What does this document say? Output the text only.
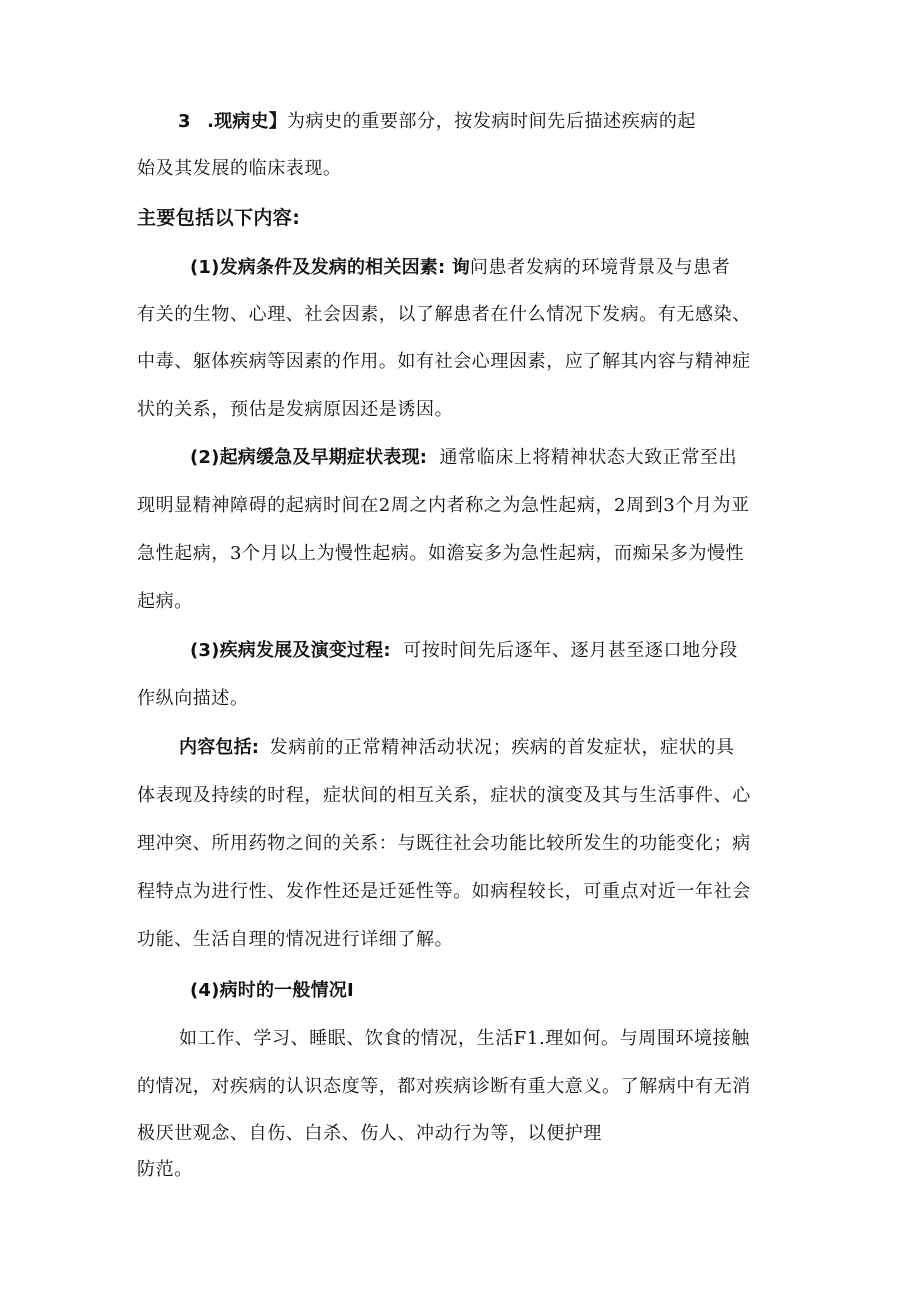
3 .现病史】为病史的重要部分，按发病时间先后描述疾病的起
始及其发展的临床表现。
主要包括以下内容:
(1)发病条件及发病的相关因素: 询问患者发病的环境背景及与患者
有关的生物、心理、社会因素，以了解患者在什么情况下发病。有无感染、
中毒、躯体疾病等因素的作用。如有社会心理因素，应了解其内容与精神症
状的关系，预估是发病原因还是诱因。
(2)起病缓急及早期症状表现: 通常临床上将精神状态大致正常至出
现明显精神障碍的起病时间在2周之内者称之为急性起病，2周到3个月为亚
急性起病，3个月以上为慢性起病。如澹妄多为急性起病，而痴呆多为慢性
起病。
(3)疾病发展及演变过程: 可按时间先后逐年、逐月甚至逐口地分段
作纵向描述。
内容包括: 发病前的正常精神活动状况；疾病的首发症状，症状的具
体表现及持续的时程，症状间的相互关系，症状的演变及其与生活事件、心
理冲突、所用药物之间的关系：与既往社会功能比较所发生的功能变化；病
程特点为进行性、发作性还是迁延性等。如病程较长，可重点对近一年社会
功能、生活自理的情况进行详细了解。
(4)病时的一般情况I
如工作、学习、睡眠、饮食的情况，生活F1.理如何。与周围环境接触
的情况，对疾病的认识态度等，都对疾病诊断有重大意义。了解病中有无消
极厌世观念、自伤、白杀、伤人、冲动行为等，以便护理
防范。
